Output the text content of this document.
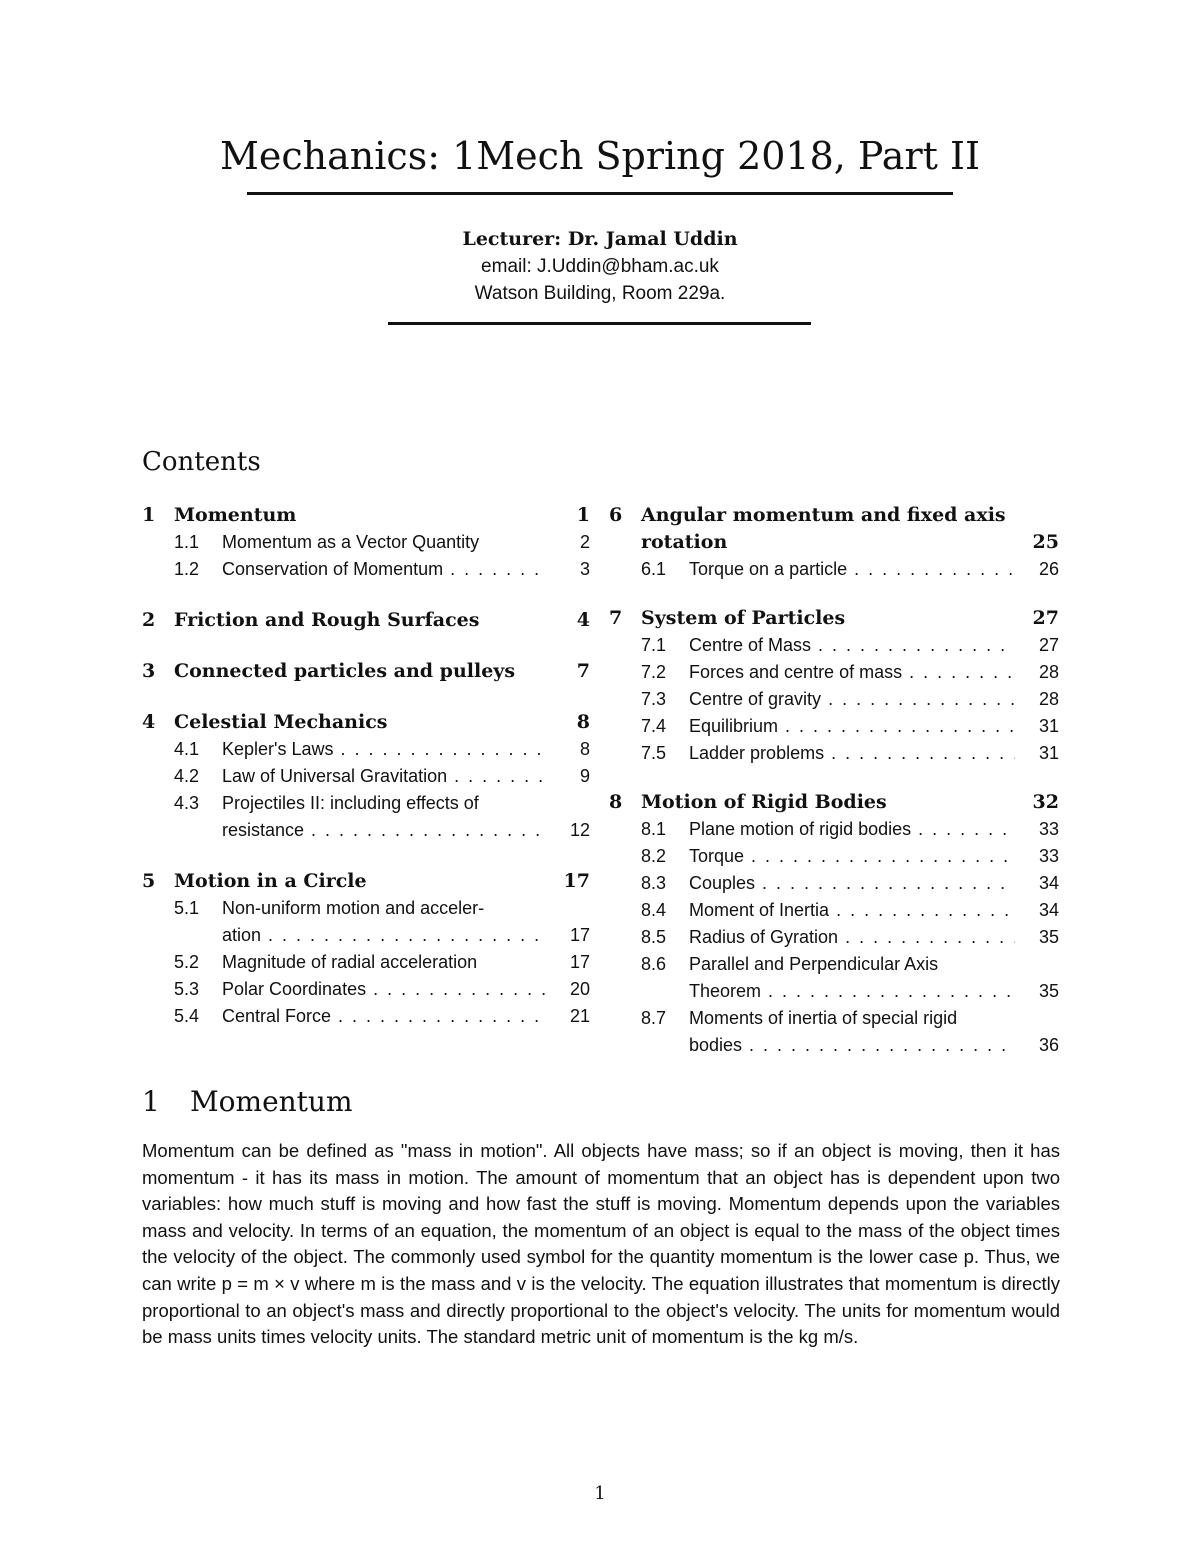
Mechanics: 1Mech Spring 2018, Part II
Lecturer: Dr. Jamal Uddin
email: J.Uddin@bham.ac.uk
Watson Building, Room 229a.
Contents
1 Momentum	1
1.1	Momentum as a Vector Quantity	2
1.2	Conservation of Momentum . . .	3
2 Friction and Rough Surfaces	4
3 Connected particles and pulleys	7
4 Celestial Mechanics	8
4.1	Kepler's Laws . . .	8
4.2	Law of Universal Gravitation . . .	9
4.3	Projectiles II: including effects of
resistance . . .	12
5 Motion in a Circle	17
5.1	Non-uniform motion and acceler-
ation . . .	17
5.2	Magnitude of radial acceleration	17
5.3	Polar Coordinates . . .	20
5.4	Central Force . . .	21
6 Angular momentum and fixed axis
rotation	25
6.1	Torque on a particle . . .	26
7 System of Particles	27
7.1	Centre of Mass . . .	27
7.2	Forces and centre of mass . . .	28
7.3	Centre of gravity . . .	28
7.4	Equilibrium . . .	31
7.5	Ladder problems . . .	31
8 Motion of Rigid Bodies	32
8.1	Plane motion of rigid bodies . . .	33
8.2	Torque . . .	33
8.3	Couples . . .	34
8.4	Moment of Inertia . . .	34
8.5	Radius of Gyration . . .	35
8.6	Parallel and Perpendicular Axis
Theorem . . .	35
8.7	Moments of inertia of special rigid
bodies . . .	36
1 Momentum

Momentum can be defined as "mass in motion". All objects have mass; so if an object is moving, then it has momentum - it has its mass in motion. The amount of momentum that an object has is dependent upon two variables: how much stuff is moving and how fast the stuff is moving. Momentum depends upon the variables mass and velocity. In terms of an equation, the momentum of an object is equal to the mass of the object times the velocity of the object. The commonly used symbol for the quantity momentum is the lower case p. Thus, we can write p = m × v where m is the mass and v is the velocity. The equation illustrates that momentum is directly proportional to an object's mass and directly proportional to the object's velocity. The units for momentum would be mass units times velocity units. The standard metric unit of momentum is the kg m/s.

1
